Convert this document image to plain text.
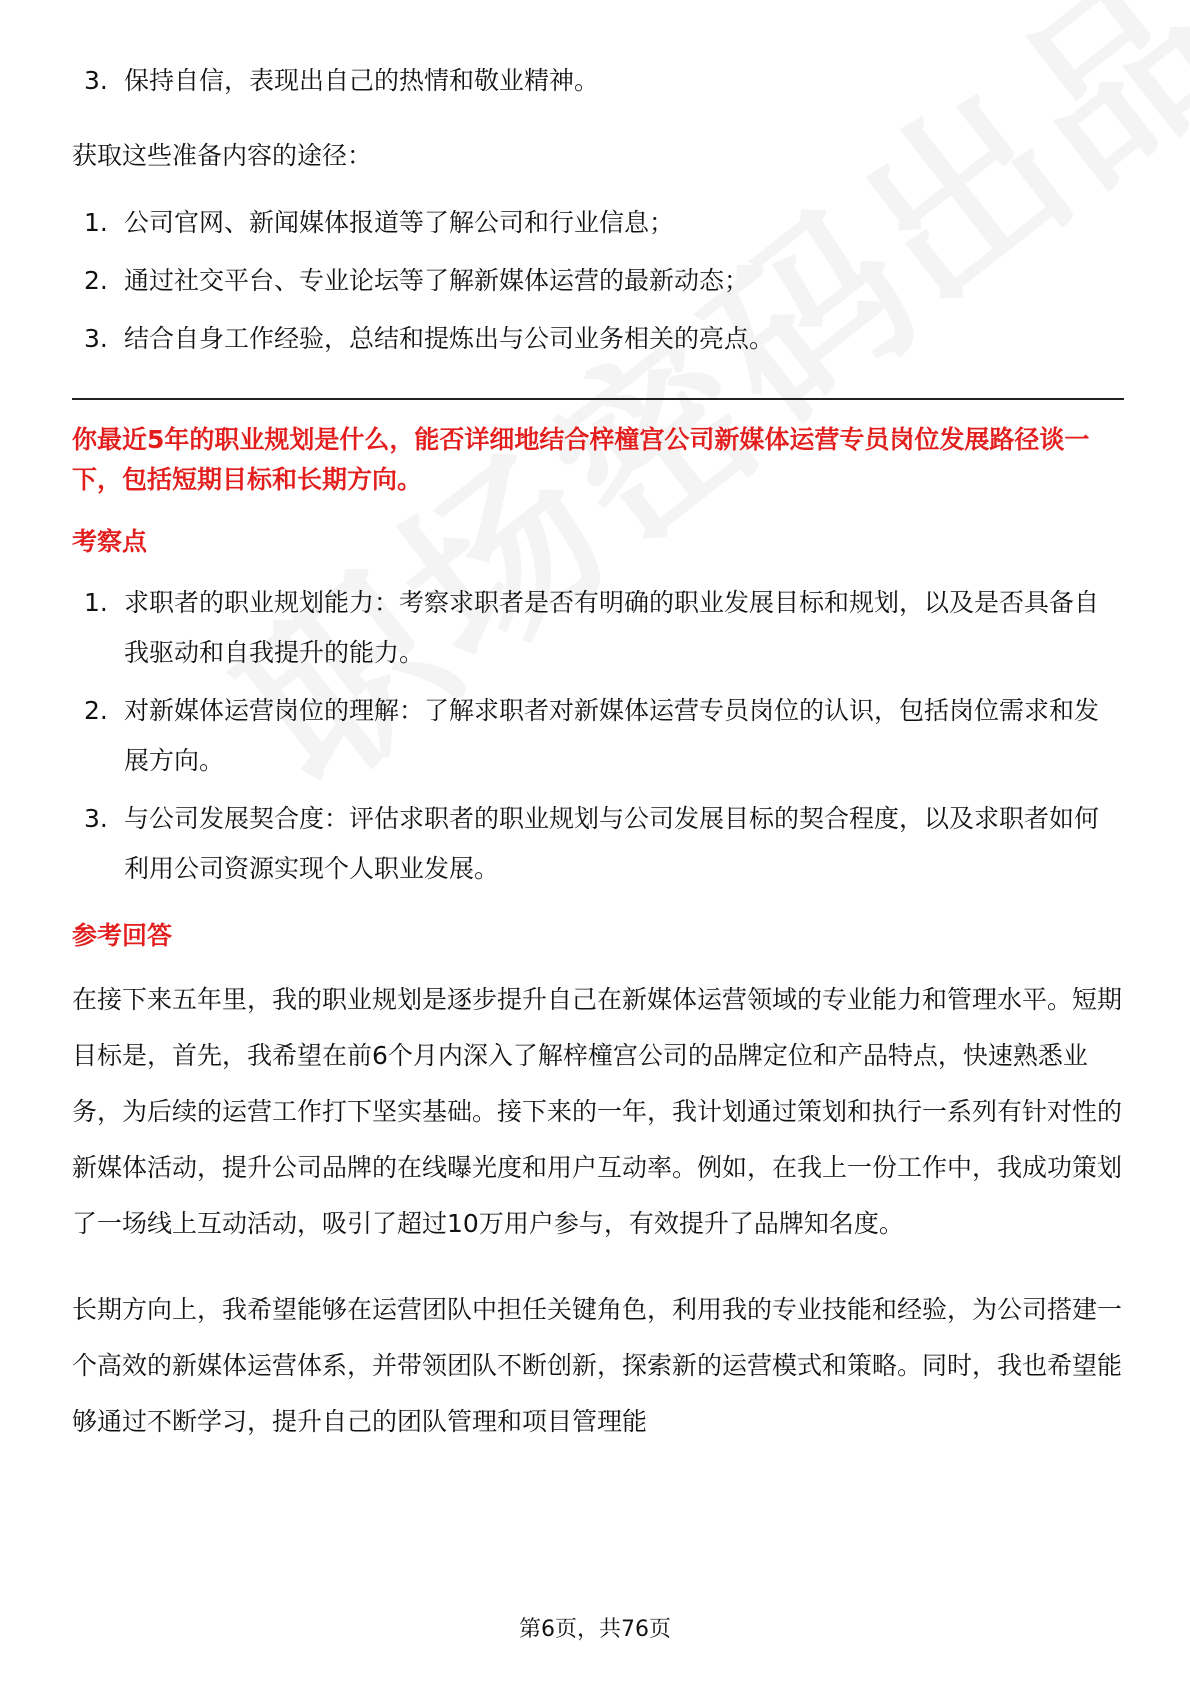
3. 保持自信，表现出自己的热情和敬业精神。

获取这些准备内容的途径：

1. 公司官网、新闻媒体报道等了解公司和行业信息；
2. 通过社交平台、专业论坛等了解新媒体运营的最新动态；
3. 结合自身工作经验，总结和提炼出与公司业务相关的亮点。

你最近5年的职业规划是什么，能否详细地结合梓橦宫公司新媒体运营专员岗位发展路径谈一下，包括短期目标和长期方向。

考察点

1. 求职者的职业规划能力：考察求职者是否有明确的职业发展目标和规划，以及是否具备自我驱动和自我提升的能力。
2. 对新媒体运营岗位的理解：了解求职者对新媒体运营专员岗位的认识，包括岗位需求和发展方向。
3. 与公司发展契合度：评估求职者的职业规划与公司发展目标的契合程度，以及求职者如何利用公司资源实现个人职业发展。

参考回答

在接下来五年里，我的职业规划是逐步提升自己在新媒体运营领域的专业能力和管理水平。短期目标是，首先，我希望在前6个月内深入了解梓橦宫公司的品牌定位和产品特点，快速熟悉业务，为后续的运营工作打下坚实基础。接下来的一年，我计划通过策划和执行一系列有针对性的新媒体活动，提升公司品牌的在线曝光度和用户互动率。例如，在我上一份工作中，我成功策划了一场线上互动活动，吸引了超过10万用户参与，有效提升了品牌知名度。

长期方向上，我希望能够在运营团队中担任关键角色，利用我的专业技能和经验，为公司搭建一个高效的新媒体运营体系，并带领团队不断创新，探索新的运营模式和策略。同时，我也希望能够通过不断学习，提升自己的团队管理和项目管理能

第6页，共76页
